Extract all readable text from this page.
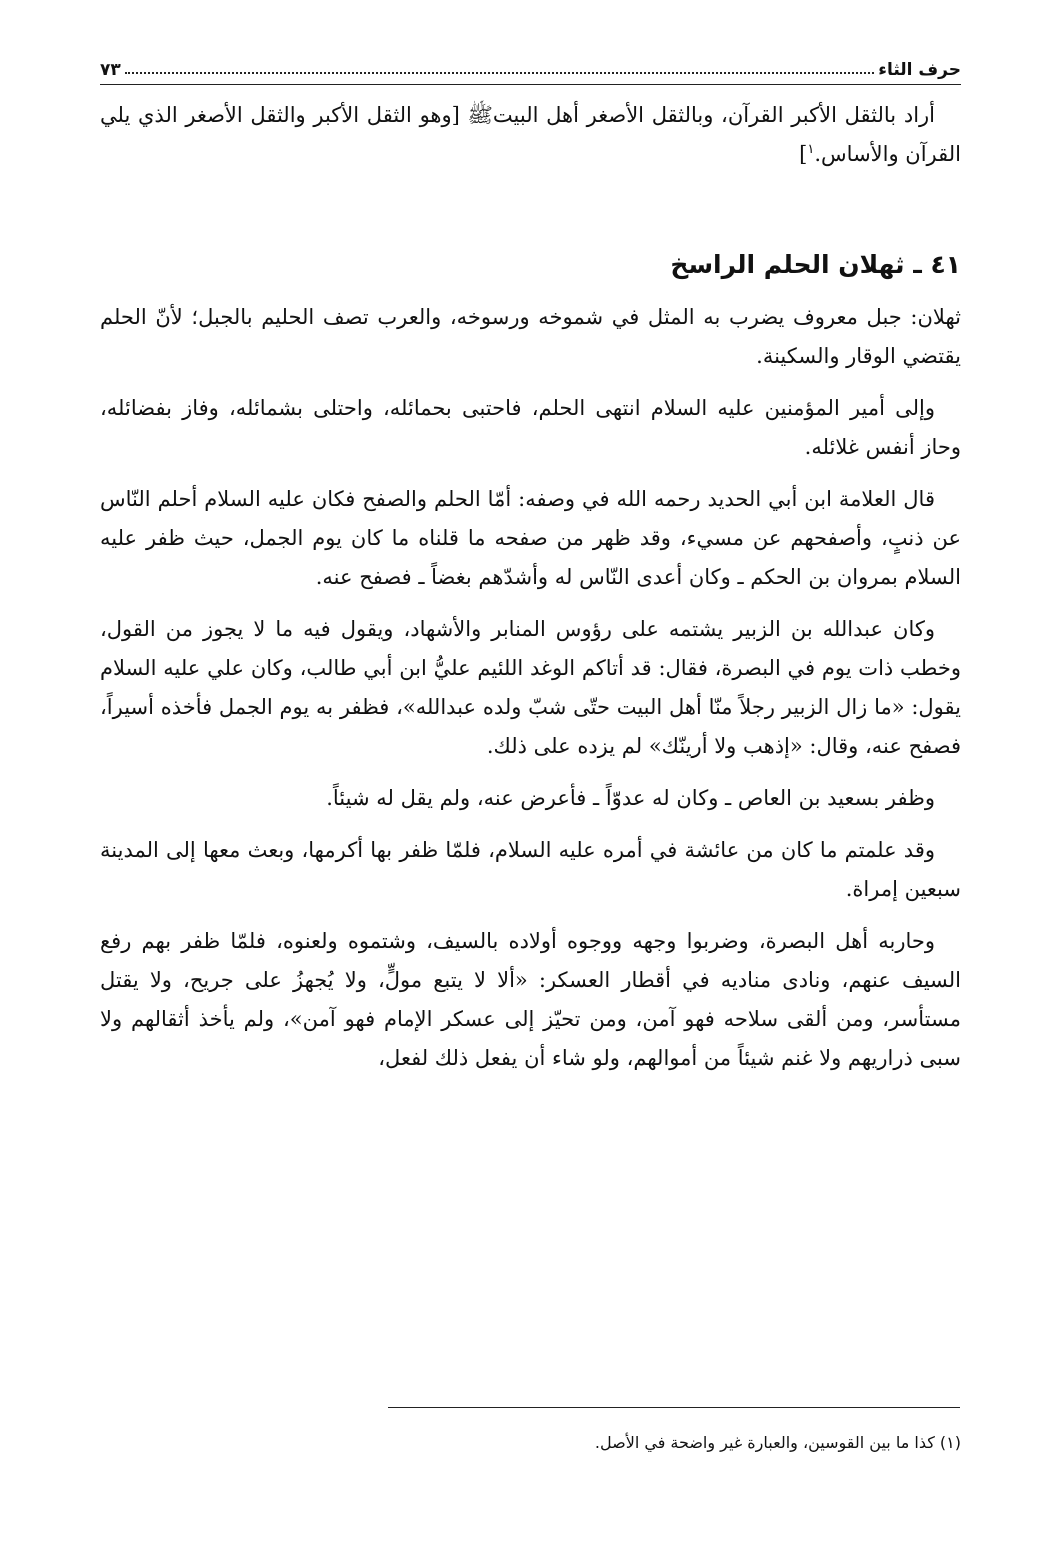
حرف الثاء
٧٣

أراد بالثقل الأكبر القرآن، وبالثقل الأصغر أهل البيتﷺ [وهو الثقل الأكبر والثقل الأصغر الذي يلي القرآن والأساس.$^١$]

٤١ ـ ثهلان الحلم الراسخ

ثهلان: جبل معروف يضرب به المثل في شموخه ورسوخه، والعرب تصف الحليم بالجبل؛ لأنّ الحلم يقتضي الوقار والسكينة.

وإلى أمير المؤمنين عليه السلام انتهى الحلم، فاحتبى بحمائله، واحتلى بشمائله، وفاز بفضائله، وحاز أنفس غلائله.

قال العلامة ابن أبي الحديد رحمه الله في وصفه: أمّا الحلم والصفح فكان عليه السلام أحلم النّاس عن ذنبٍ، وأصفحهم عن مسيء، وقد ظهر من صفحه ما قلناه ما كان يوم الجمل، حيث ظفر عليه السلام بمروان بن الحكم ـ وكان أعدى النّاس له وأشدّهم بغضاً ـ فصفح عنه.

وكان عبدالله بن الزبير يشتمه على رؤوس المنابر والأشهاد، ويقول فيه ما لا يجوز من القول، وخطب ذات يوم في البصرة، فقال: قد أتاكم الوغد اللئيم عليُّ ابن أبي طالب، وكان علي عليه السلام يقول: «ما زال الزبير رجلاً منّا أهل البيت حتّى شبّ ولده عبدالله»، فظفر به يوم الجمل فأخذه أسيراً، فصفح عنه، وقال: «إذهب ولا أرينّك» لم يزده على ذلك.

وظفر بسعيد بن العاص ـ وكان له عدوّاً ـ فأعرض عنه، ولم يقل له شيئاً.

وقد علمتم ما كان من عائشة في أمره عليه السلام، فلمّا ظفر بها أكرمها، وبعث معها إلى المدينة سبعين إمراة.

وحاربه أهل البصرة، وضربوا وجهه ووجوه أولاده بالسيف، وشتموه ولعنوه، فلمّا ظفر بهم رفع السيف عنهم، ونادى مناديه في أقطار العسكر: «ألا لا يتبع مولٍّ، ولا يُجهزُ على جريح، ولا يقتل مستأسر، ومن ألقى سلاحه فهو آمن، ومن تحيّز إلى عسكر الإمام فهو آمن»، ولم يأخذ أثقالهم ولا سبى ذراريهم ولا غنم شيئاً من أموالهم، ولو شاء أن يفعل ذلك لفعل،

(١) كذا ما بين القوسين، والعبارة غير واضحة في الأصل.
